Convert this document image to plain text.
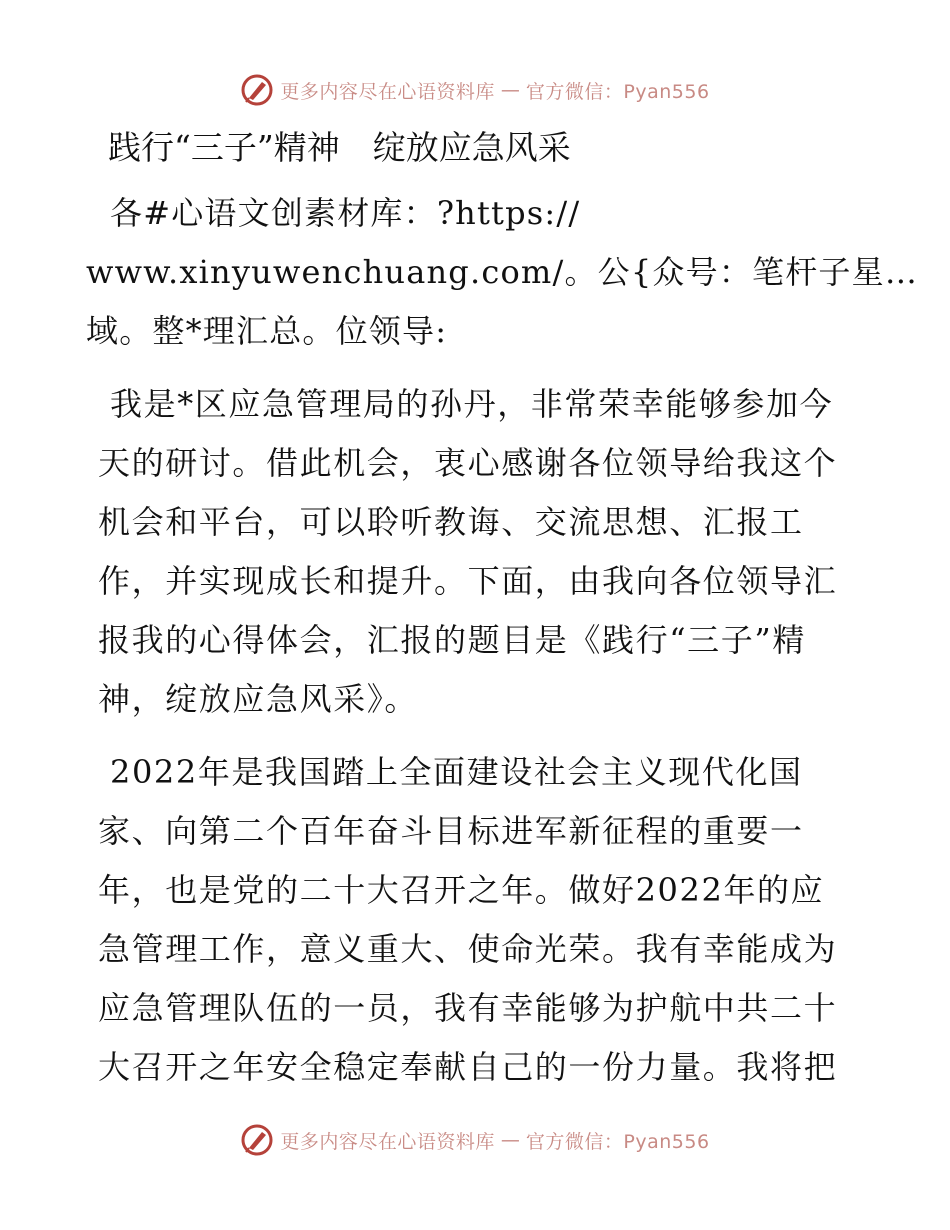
更多内容尽在心语资料库 — 官方微信：Pyan556
践行“三子”精神　绽放应急风采

各#心语文创素材库：?https://
www.xinyuwenchuang.com/。公{众号：笔杆子星…
域。整*理汇总。位领导:

我是*区应急管理局的孙丹，非常荣幸能够参加今天的研讨。借此机会，衷心感谢各位领导给我这个机会和平台，可以聆听教诲、交流思想、汇报工作，并实现成长和提升。下面，由我向各位领导汇报我的心得体会，汇报的题目是《践行“三子”精神，绽放应急风采》。

2022年是我国踏上全面建设社会主义现代化国家、向第二个百年奋斗目标进军新征程的重要一年，也是党的二十大召开之年。做好2022年的应急管理工作，意义重大、使命光荣。我有幸能成为应急管理队伍的一员，我有幸能够为护航中共二十大召开之年安全稳定奉献自己的一份力量。我将把

更多内容尽在心语资料库 — 官方微信：Pyan556
